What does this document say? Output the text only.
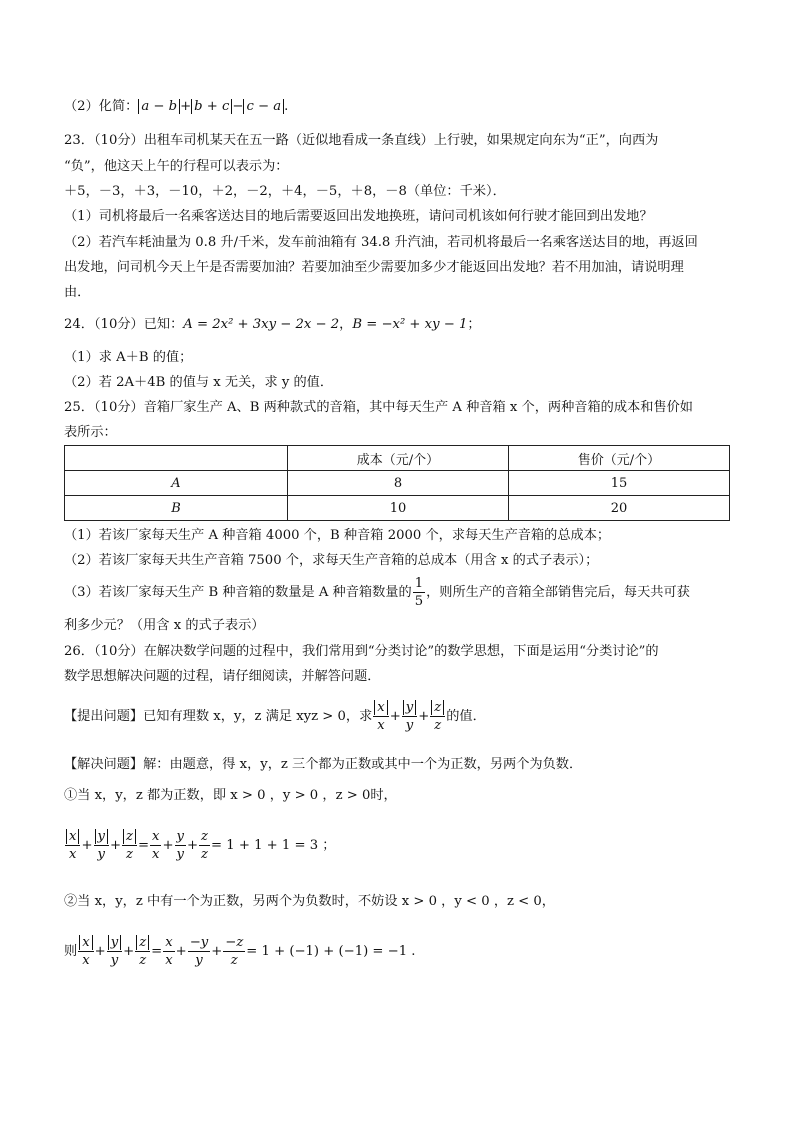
（2）化简： a − b + b + c − c − a .
23．（10分）出租车司机某天在五一路（近似地看成一条直线）上行驶，如果规定向东为“正”，向西为
“负”，他这天上午的行程可以表示为：
＋5，－3，＋3，－10，＋2，－2，＋4，－5，＋8，－8（单位：千米）．
（1）司机将最后一名乘客送达目的地后需要返回出发地换班，请问司机该如何行驶才能回到出发地？
（2）若汽车耗油量为 0.8 升/千米，发车前油箱有 34.8 升汽油，若司机将最后一名乘客送达目的地，再返回
出发地，问司机今天上午是否需要加油？若要加油至少需要加多少才能返回出发地？若不用加油，请说明理
由．
24．（10分）已知：A = 2x² + 3xy − 2x − 2，B = −x² + xy − 1；
（1）求 A＋B 的值；
（2）若 2A＋4B 的值与 x 无关，求 y 的值．
25．（10分）音箱厂家生产 A、B 两种款式的音箱，其中每天生产 A 种音箱 x 个，两种音箱的成本和售价如
表所示：
	成本（元/个）	售价（元/个）
A	8	15
B	10	20
（1）若该厂家每天生产 A 种音箱 4000 个，B 种音箱 2000 个，求每天生产音箱的总成本；
（2）若该厂家每天共生产音箱 7500 个，求每天生产音箱的总成本（用含 x 的式子表示）；
（3）若该厂家每天生产 B 种音箱的数量是 A 种音箱数量的 $\frac{1}{5}$ ，则所生产的音箱全部销售完后，每天共可获
利多少元？（用含 x 的式子表示）
26．（10分）在解决数学问题的过程中，我们常用到“分类讨论”的数学思想，下面是运用“分类讨论”的
数学思想解决问题的过程，请仔细阅读，并解答问题．
【提出问题】已知有理数 x，y，z 满足 xyz > 0，求 $\frac{x}{x} + \frac{y}{y} + \frac{z}{z}$ 的值．
【解决问题】解：由题意，得 x，y，z 三个都为正数或其中一个为正数，另两个为负数．
①当 x，y，z 都为正数，即 x > 0 ，y > 0 ，z > 0时，
$\frac{x}{x} + \frac{y}{y} + \frac{z}{z} = \frac{x}{x} + \frac{y}{y} + \frac{z}{z} = 1 + 1 + 1 = 3$ ；
②当 x，y，z 中有一个为正数，另两个为负数时，不妨设 x > 0 ，y < 0 ，z < 0，
则 $\frac{x}{x} + \frac{y}{y} + \frac{z}{z} = \frac{x}{x} + \frac{-y}{y} + \frac{-z}{z} = 1 + (-1) + (-1) = -1$ .
